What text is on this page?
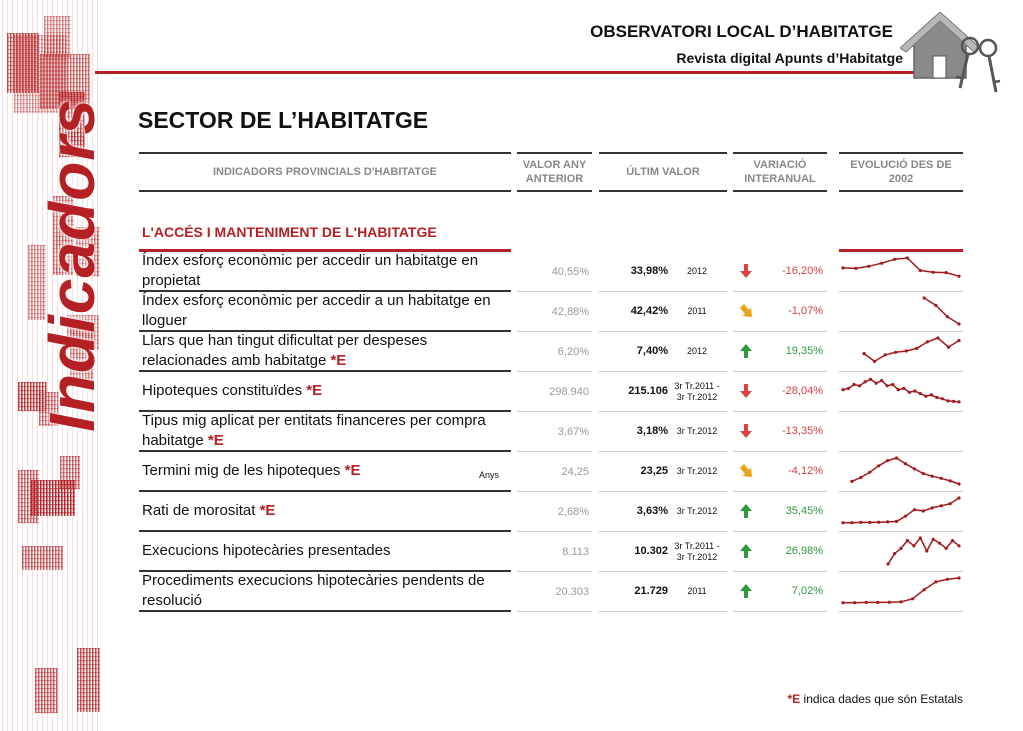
Indicadors
OBSERVATORI LOCAL D’HABITATGE
Revista digital Apunts d’Habitatge
SECTOR DE L’HABITATGE
INDICADORS PROVINCIALS D'HABITATGE
VALOR ANY ANTERIOR
ÚLTIM VALOR
VARIACIÓ INTERANUAL
EVOLUCIÓ DES DE 2002
L'ACCÉS I MANTENIMENT DE L'HABITATGE
Índex esforç econòmic per accedir un habitatge en propietat
40,55%	33,98%	2012	-16,20%
Índex esforç econòmic per accedir a un habitatge en lloguer
42,88%	42,42%	2011	-1,07%
Llars que han tingut dificultat per despeses relacionades amb habitatge *E
6,20%	7,40%	2012	19,35%
Hipoteques constituïdes *E	298.940	215.106 3r Tr.2011 - 3r Tr.2012	-28,04%
Tipus mig aplicat per entitats financeres per compra habitatge *E
3,67%	3,18% 3r Tr.2012	-13,35%
Termini mig de les hipoteques *E	Anys	24,25	23,25 3r Tr.2012	-4,12%
Rati de morositat *E	2,68%	3,63% 3r Tr.2012	35,45%
Execucions hipotecàries presentades	8.113	10.302 3r Tr.2011 - 3r Tr.2012	26,98%
Procediments execucions hipotecàries pendents de resolució
20.303	21.729	2011	7,02%
*E indica dades que són Estatals
